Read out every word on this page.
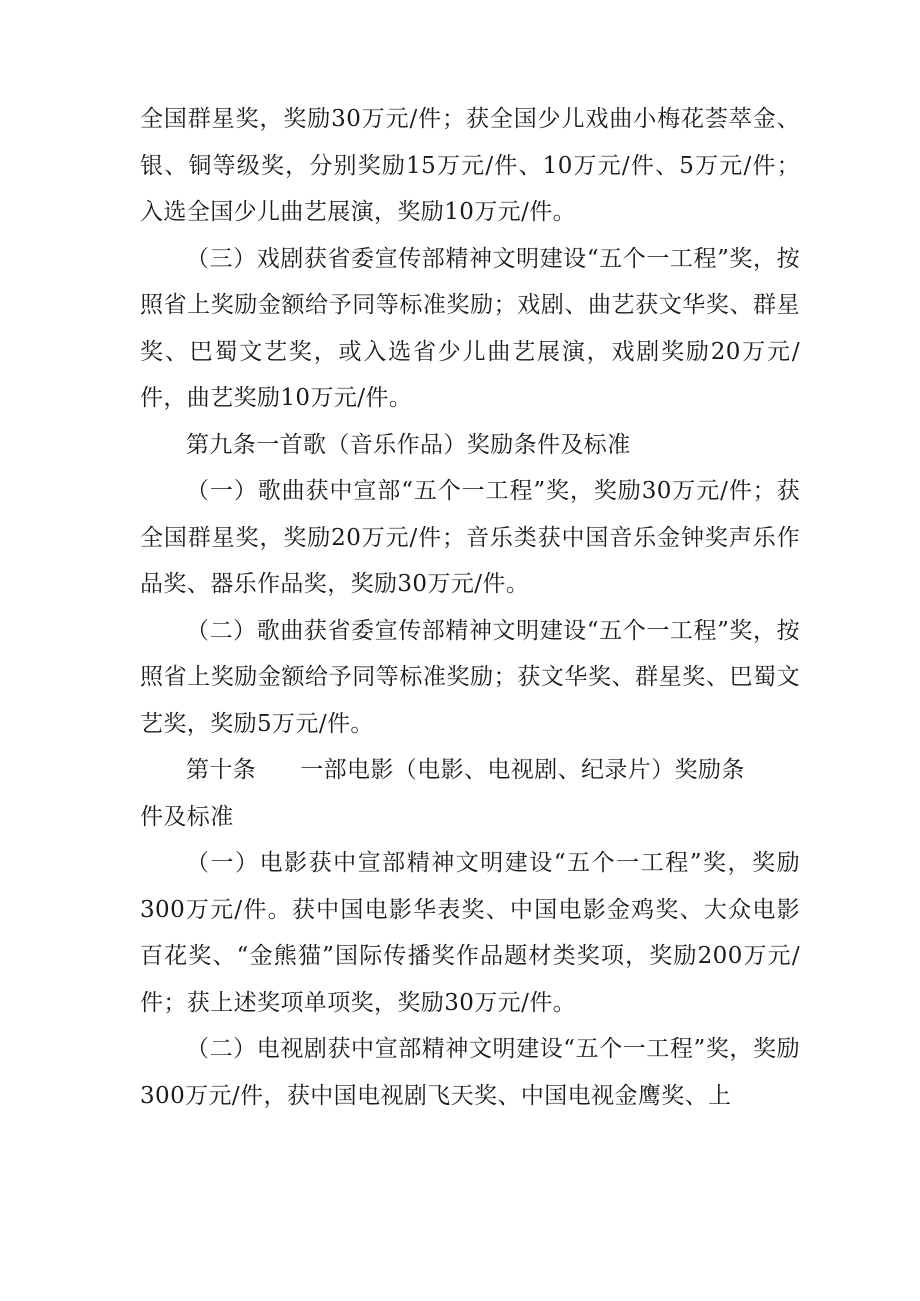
全国群星奖，奖励30万元/件；获全国少儿戏曲小梅花荟萃金、银、铜等级奖，分别奖励15万元/件、10万元/件、5万元/件；入选全国少儿曲艺展演，奖励10万元/件。

（三）戏剧获省委宣传部精神文明建设“五个一工程”奖，按照省上奖励金额给予同等标准奖励；戏剧、曲艺获文华奖、群星奖、巴蜀文艺奖，或入选省少儿曲艺展演，戏剧奖励20万元/件，曲艺奖励10万元/件。

第九条一首歌（音乐作品）奖励条件及标准

（一）歌曲获中宣部“五个一工程”奖，奖励30万元/件；获全国群星奖，奖励20万元/件；音乐类获中国音乐金钟奖声乐作品奖、器乐作品奖，奖励30万元/件。

（二）歌曲获省委宣传部精神文明建设“五个一工程”奖，按照省上奖励金额给予同等标准奖励；获文华奖、群星奖、巴蜀文艺奖，奖励5万元/件。

第十条 一部电影（电影、电视剧、纪录片）奖励条

件及标准

（一）电影获中宣部精神文明建设“五个一工程”奖，奖励300万元/件。获中国电影华表奖、中国电影金鸡奖、大众电影百花奖、“金熊猫”国际传播奖作品题材类奖项，奖励200万元/件；获上述奖项单项奖，奖励30万元/件。

（二）电视剧获中宣部精神文明建设“五个一工程”奖，奖励300万元/件，获中国电视剧飞天奖、中国电视金鹰奖、上
